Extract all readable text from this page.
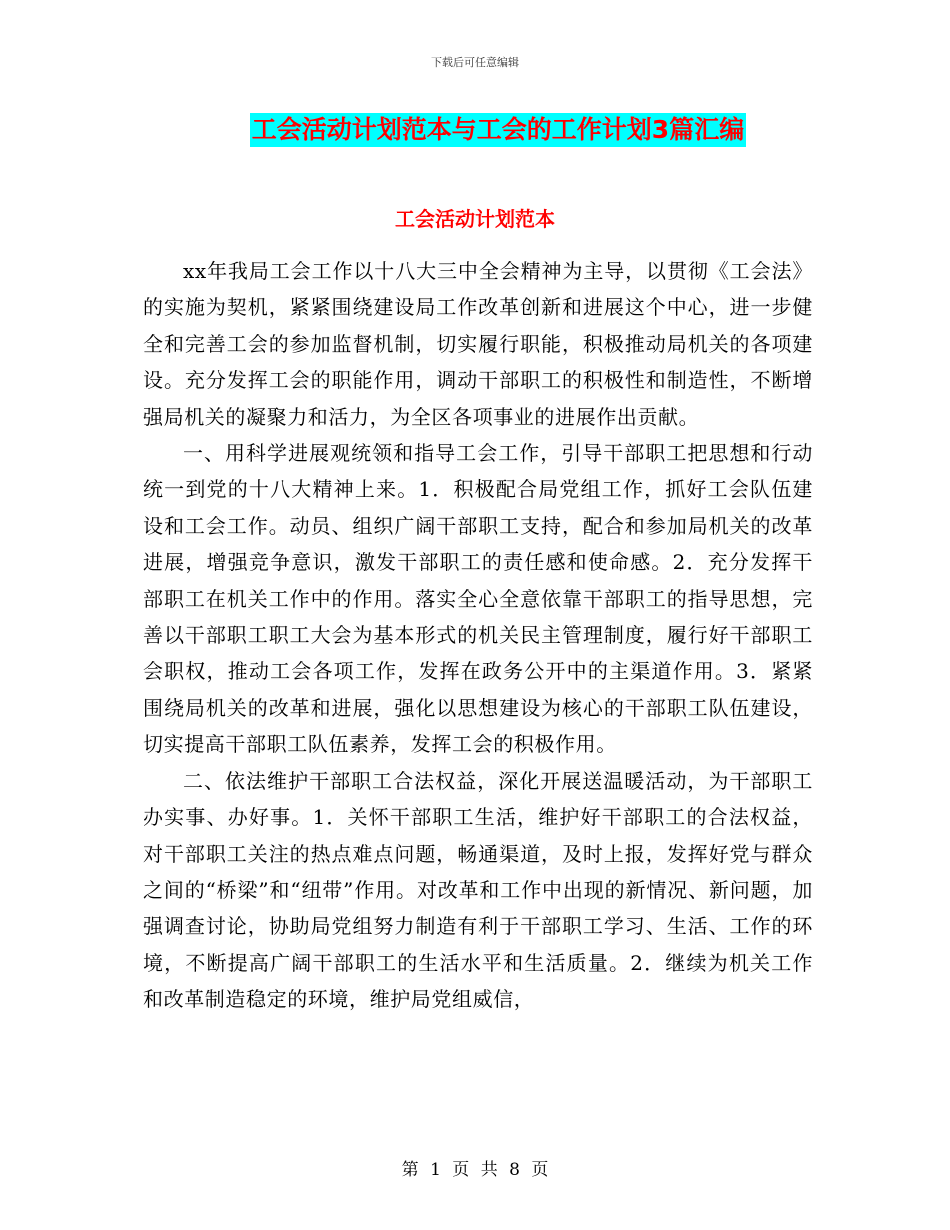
下载后可任意编辑
工会活动计划范本与工会的工作计划3篇汇编
工会活动计划范本

xx年我局工会工作以十八大三中全会精神为主导，以贯彻《工会法》的实施为契机，紧紧围绕建设局工作改革创新和进展这个中心，进一步健全和完善工会的参加监督机制，切实履行职能，积极推动局机关的各项建设。充分发挥工会的职能作用，调动干部职工的积极性和制造性，不断增强局机关的凝聚力和活力，为全区各项事业的进展作出贡献。

一、用科学进展观统领和指导工会工作，引导干部职工把思想和行动统一到党的十八大精神上来。1．积极配合局党组工作，抓好工会队伍建设和工会工作。动员、组织广阔干部职工支持，配合和参加局机关的改革进展，增强竞争意识，激发干部职工的责任感和使命感。2．充分发挥干部职工在机关工作中的作用。落实全心全意依靠干部职工的指导思想，完善以干部职工职工大会为基本形式的机关民主管理制度，履行好干部职工会职权，推动工会各项工作，发挥在政务公开中的主渠道作用。3．紧紧围绕局机关的改革和进展，强化以思想建设为核心的干部职工队伍建设，切实提高干部职工队伍素养，发挥工会的积极作用。

二、依法维护干部职工合法权益，深化开展送温暖活动，为干部职工办实事、办好事。1．关怀干部职工生活，维护好干部职工的合法权益，对干部职工关注的热点难点问题，畅通渠道，及时上报，发挥好党与群众之间的“桥梁”和“纽带”作用。对改革和工作中出现的新情况、新问题，加强调查讨论，协助局党组努力制造有利于干部职工学习、生活、工作的环境，不断提高广阔干部职工的生活水平和生活质量。2．继续为机关工作和改革制造稳定的环境，维护局党组威信，

第 1 页 共 8 页
